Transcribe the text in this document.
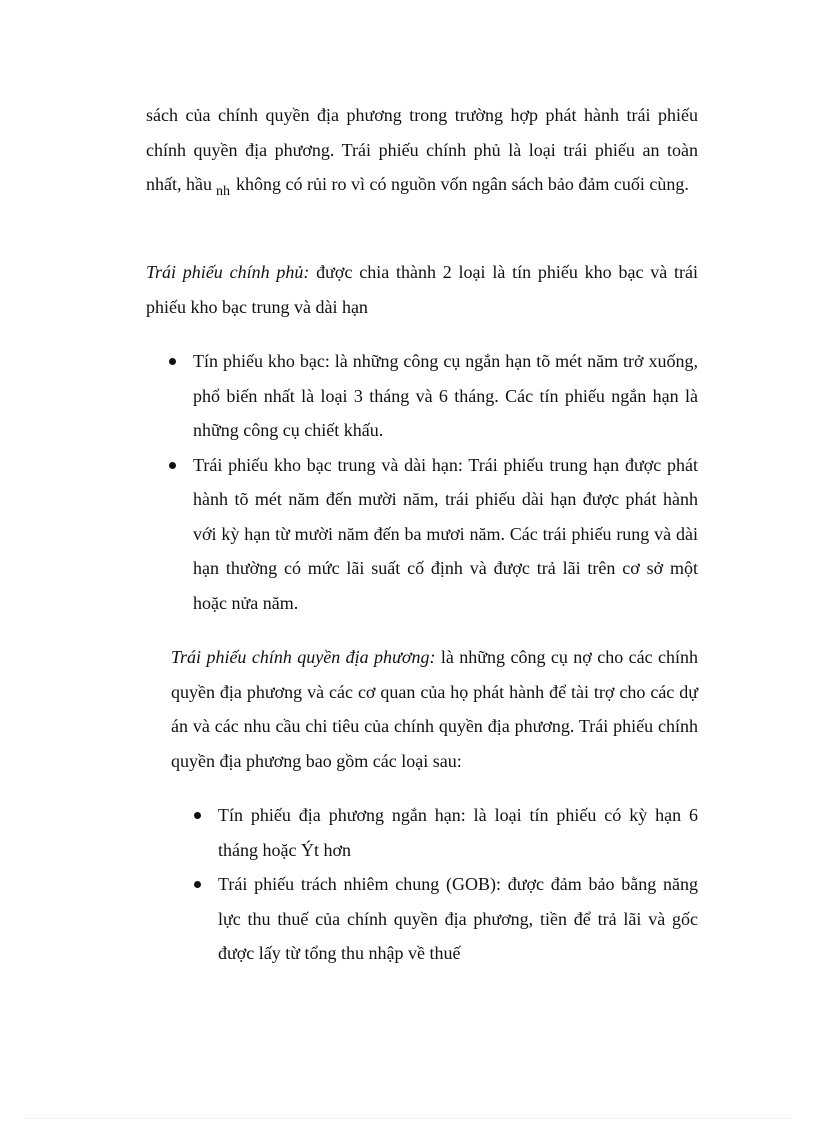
sách của chính quyền địa phương trong trường hợp phát hành trái phiếu chính quyền địa phương. Trái phiếu chính phủ là loại trái phiếu an toàn nhất, hầu $_{nh}$ không có rủi ro vì có nguồn vốn ngân sách bảo đảm cuối cùng.

Trái phiếu chính phủ: được chia thành 2 loại là tín phiếu kho bạc và trái phiếu kho bạc trung và dài hạn

Tín phiếu kho bạc: là những công cụ ngắn hạn tõ mét năm trở xuống, phổ biến nhất là loại 3 tháng và 6 tháng. Các tín phiếu ngắn hạn là những công cụ chiết khấu.
Trái phiếu kho bạc trung và dài hạn: Trái phiếu trung hạn được phát hành tõ mét năm đến mười năm, trái phiếu dài hạn được phát hành với kỳ hạn từ mười năm đến ba mươi năm. Các trái phiếu rung và dài hạn thường có mức lãi suất cố định và được trả lãi trên cơ sở một hoặc nửa năm.

Trái phiếu chính quyền địa phương: là những công cụ nợ cho các chính quyền địa phương và các cơ quan của họ phát hành để tài trợ cho các dự án và các nhu cầu chi tiêu của chính quyền địa phương. Trái phiếu chính quyền địa phương bao gồm các loại sau:

Tín phiếu địa phương ngắn hạn: là loại tín phiếu có kỳ hạn 6 tháng hoặc Ýt hơn
Trái phiếu trách nhiêm chung (GOB): được đảm bảo bằng năng lực thu thuế của chính quyền địa phương, tiền để trả lãi và gốc được lấy từ tổng thu nhập về thuế
